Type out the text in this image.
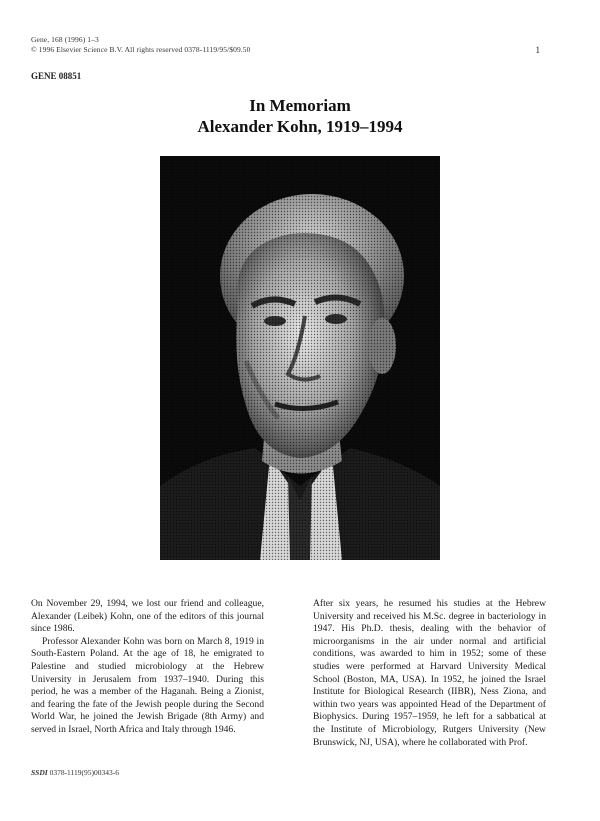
Gene, 168 (1996) 1–3
© 1996 Elsevier Science B.V. All rights reserved 0378-1119/95/$09.50	1
GENE 08851
In Memoriam
Alexander Kohn, 1919–1994

On November 29, 1994, we lost our friend and colleague, Alexander (Leibek) Kohn, one of the editors of this journal since 1986.

Professor Alexander Kohn was born on March 8, 1919 in South-Eastern Poland. At the age of 18, he emigrated to Palestine and studied microbiology at the Hebrew University in Jerusalem from 1937–1940. During this period, he was a member of the Haganah. Being a Zionist, and fearing the fate of the Jewish people during the Second World War, he joined the Jewish Brigade (8th Army) and served in Israel, North Africa and Italy through 1946.

After six years, he resumed his studies at the Hebrew University and received his M.Sc. degree in bacteriology in 1947. His Ph.D. thesis, dealing with the behavior of microorganisms in the air under normal and artificial conditions, was awarded to him in 1952; some of these studies were performed at Harvard University Medical School (Boston, MA, USA). In 1952, he joined the Israel Institute for Biological Research (IIBR), Ness Ziona, and within two years was appointed Head of the Department of Biophysics. During 1957–1959, he left for a sabbatical at the Institute of Microbiology, Rutgers University (New Brunswick, NJ, USA), where he collaborated with Prof.

SSDI 0378-1119(95)00343-6
